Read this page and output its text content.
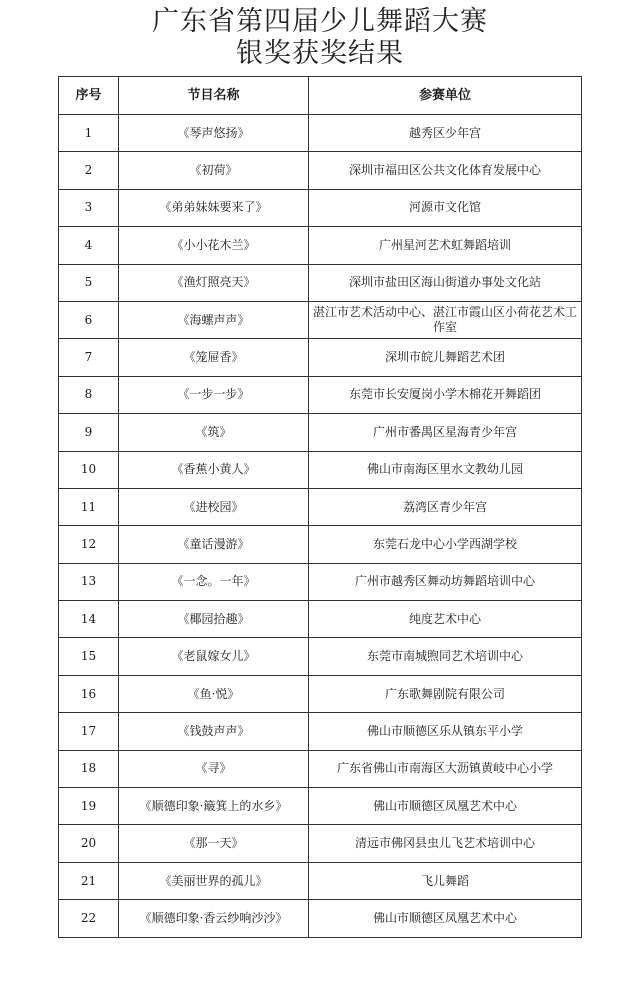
广东省第四届少儿舞蹈大赛
银奖获奖结果
序号	节目名称	参赛单位
1	《琴声悠扬》	越秀区少年宫
2	《初荷》	深圳市福田区公共文化体育发展中心
3	《弟弟妹妹要来了》	河源市文化馆
4	《小小花木兰》	广州星河艺术虹舞蹈培训
5	《渔灯照亮天》	深圳市盐田区海山街道办事处文化站
6	《海螺声声》	湛江市艺术活动中心、湛江市霞山区小荷花艺术工作室
7	《笼屉香》	深圳市皖儿舞蹈艺术团
8	《一步一步》	东莞市长安厦岗小学木棉花开舞蹈团
9	《筑》	广州市番禺区星海青少年宫
10	《香蕉小黄人》	佛山市南海区里水文教幼儿园
11	《进校园》	荔湾区青少年宫
12	《童话漫游》	东莞石龙中心小学西湖学校
13	《一念。一年》	广州市越秀区舞动坊舞蹈培训中心
14	《椰园拾趣》	纯度艺术中心
15	《老鼠嫁女儿》	东莞市南城煦同艺术培训中心
16	《鱼·悦》	广东歌舞剧院有限公司
17	《钱鼓声声》	佛山市顺德区乐从镇东平小学
18	《寻》	广东省佛山市南海区大沥镇黄岐中心小学
19	《顺德印象·簸箕上的水乡》	佛山市顺德区凤凰艺术中心
20	《那一天》	清远市佛冈县虫儿飞艺术培训中心
21	《美丽世界的孤儿》	飞儿舞蹈
22	《顺德印象·香云纱响沙沙》	佛山市顺德区凤凰艺术中心
